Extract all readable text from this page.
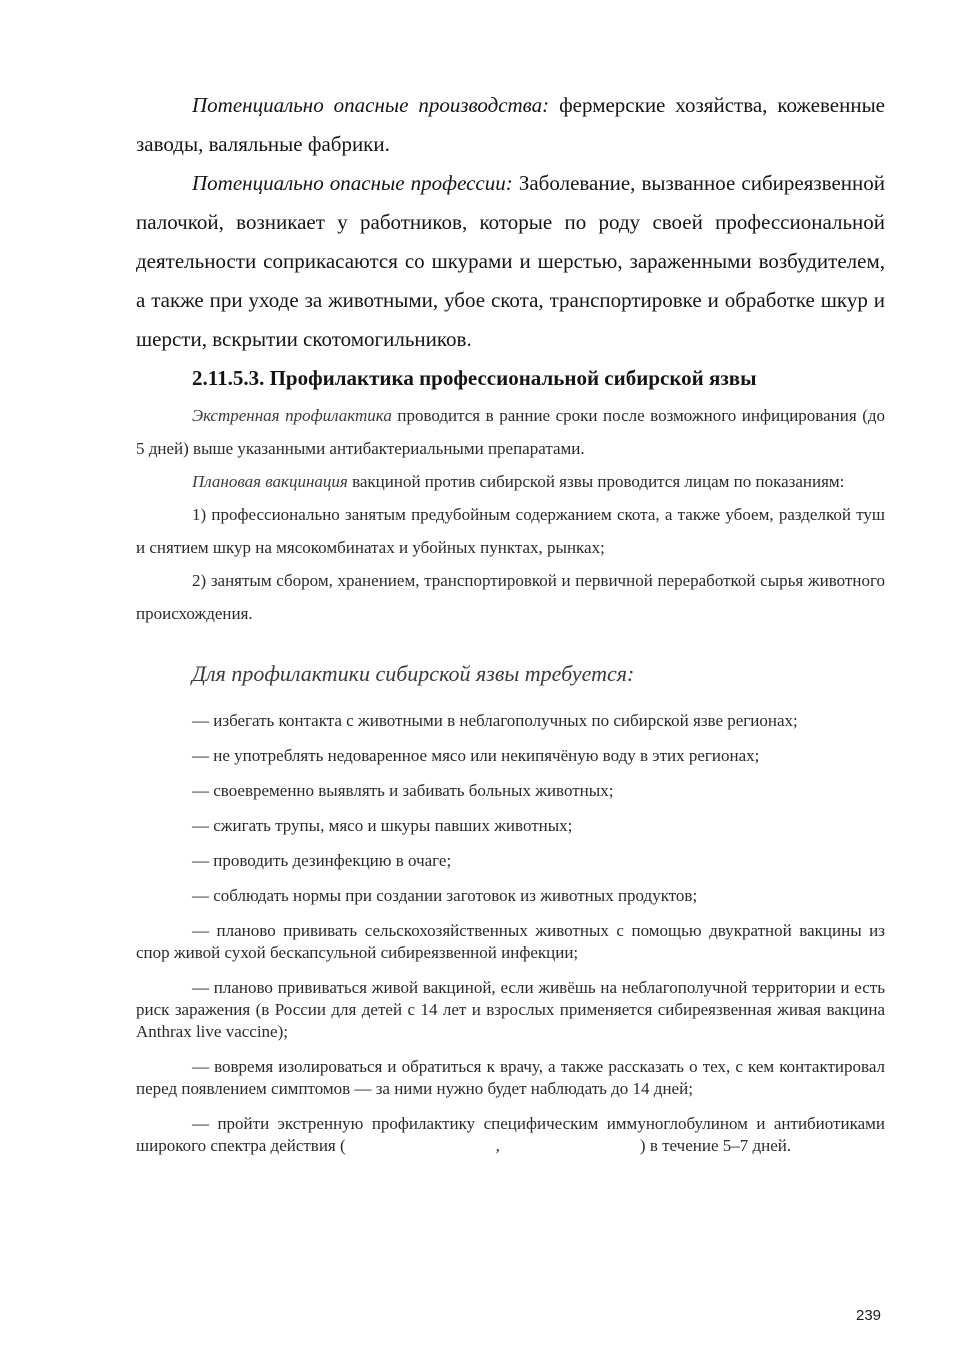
Потенциально опасные производства: фермерские хозяйства, кожевенные заводы, валяльные фабрики.

Потенциально опасные профессии: Заболевание, вызванное сибиреязвенной палочкой, возникает у работников, которые по роду своей профессиональной деятельности соприкасаются со шкурами и шерстью, зараженными возбудителем, а также при уходе за животными, убое скота, транспортировке и обработке шкур и шерсти, вскрытии скотомогильников.

2.11.5.3. Профилактика профессиональной сибирской язвы

Экстренная профилактика проводится в ранние сроки после возможного инфицирования (до 5 дней) выше указанными антибактериальными препаратами.

Плановая вакцинация вакциной против сибирской язвы проводится лицам по показаниям:

1) профессионально занятым предубойным содержанием скота, а также убоем, разделкой туш и снятием шкур на мясокомбинатах и убойных пунктах, рынках;

2) занятым сбором, хранением, транспортировкой и первичной переработкой сырья животного происхождения.

Для профилактики сибирской язвы требуется:

— избегать контакта с животными в неблагополучных по сибирской язве регионах;

— не употреблять недоваренное мясо или некипячёную воду в этих регионах;

— своевременно выявлять и забивать больных животных;

— сжигать трупы, мясо и шкуры павших животных;

— проводить дезинфекцию в очаге;

— соблюдать нормы при создании заготовок из животных продуктов;

— планово прививать сельскохозяйственных животных с помощью двукратной вакцины из спор живой сухой бескапсульной сибиреязвенной инфекции;

— планово прививаться живой вакциной, если живёшь на неблагополучной территории и есть риск заражения (в России для детей с 14 лет и взрослых применяется сибиреязвенная живая вакцина Anthrax live vaccine);

— вовремя изолироваться и обратиться к врачу, а также рассказать о тех, с кем контактировал перед появлением симптомов — за ними нужно будет наблюдать до 14 дней;

— пройти экстренную профилактику специфическим иммуноглобулином и антибиотиками широкого спектра действия (	,	) в течение 5–7 дней.

239
